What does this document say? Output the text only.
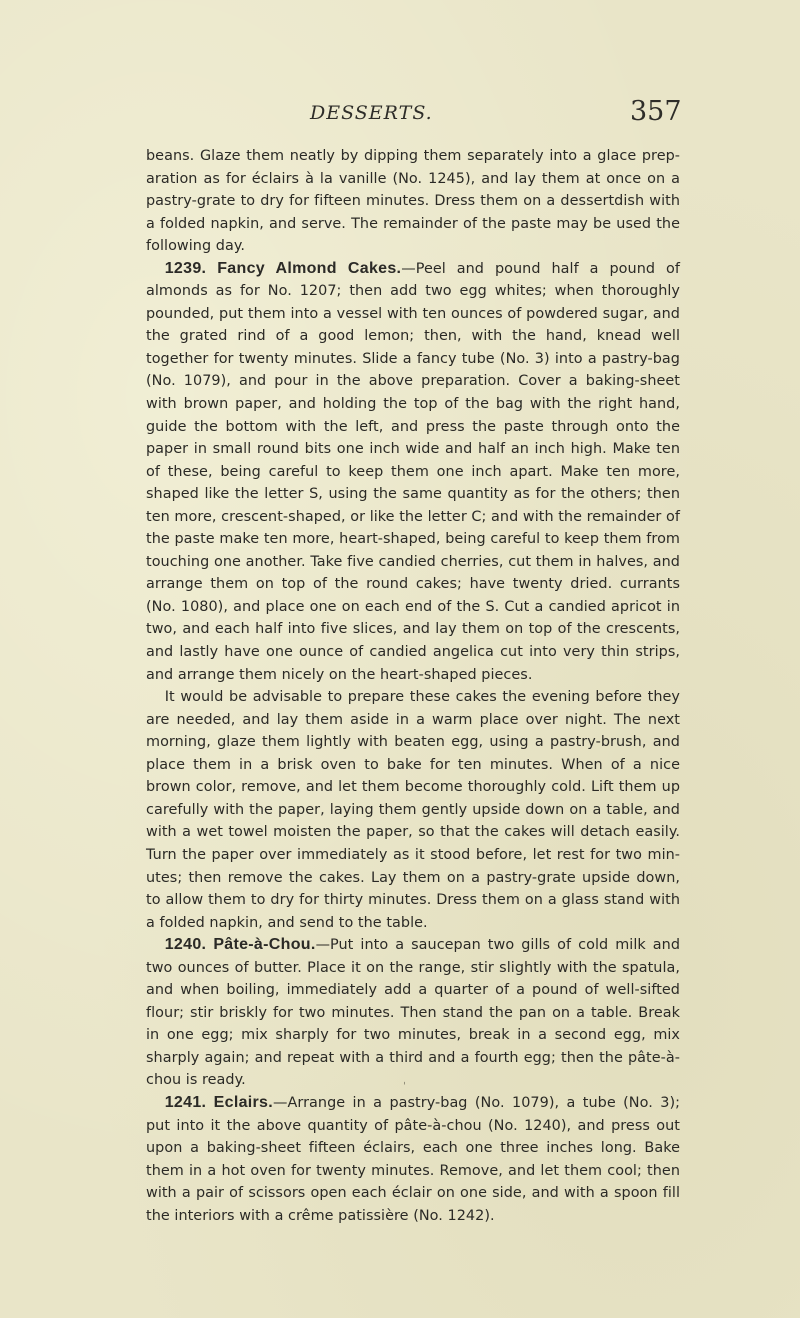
DESSERTS.	357

beans. Glaze them neatly by dipping them separately into a glace preparation as for éclairs à la vanille (No. 1245), and lay them at once on a pastry-grate to dry for fifteen minutes. Dress them on a dessertdish with a folded napkin, and serve. The remainder of the paste may be used the following day.

1239. Fancy Almond Cakes.—Peel and pound half a pound of almonds as for No. 1207; then add two egg whites; when thoroughly pounded, put them into a vessel with ten ounces of powdered sugar, and the grated rind of a good lemon; then, with the hand, knead well together for twenty minutes. Slide a fancy tube (No. 3) into a pastry-bag (No. 1079), and pour in the above preparation. Cover a baking-sheet with brown paper, and holding the top of the bag with the right hand, guide the bottom with the left, and press the paste through onto the paper in small round bits one inch wide and half an inch high. Make ten of these, being careful to keep them one inch apart. Make ten more, shaped like the letter S, using the same quantity as for the others; then ten more, crescent-shaped, or like the letter C; and with the remainder of the paste make ten more, heart-shaped, being careful to keep them from touching one another. Take five candied cherries, cut them in halves, and arrange them on top of the round cakes; have twenty dried. currants (No. 1080), and place one on each end of the S. Cut a candied apricot in two, and each half into five slices, and lay them on top of the crescents, and lastly have one ounce of candied angelica cut into very thin strips, and arrange them nicely on the heart-shaped pieces.

It would be advisable to prepare these cakes the evening before they are needed, and lay them aside in a warm place over night. The next morning, glaze them lightly with beaten egg, using a pastry-brush, and place them in a brisk oven to bake for ten minutes. When of a nice brown color, remove, and let them become thoroughly cold. Lift them up carefully with the paper, laying them gently upside down on a table, and with a wet towel moisten the paper, so that the cakes will detach easily. Turn the paper over immediately as it stood before, let rest for two minutes; then remove the cakes. Lay them on a pastry-grate upside down, to allow them to dry for thirty minutes. Dress them on a glass stand with a folded napkin, and send to the table.

1240. Pâte-à-Chou.—Put into a saucepan two gills of cold milk and two ounces of butter. Place it on the range, stir slightly with the spatula, and when boiling, immediately add a quarter of a pound of well-sifted flour; stir briskly for two minutes. Then stand the pan on a table. Break in one egg; mix sharply for two minutes, break in a second egg, mix sharply again; and repeat with a third and a fourth egg; then the pâte-à-chou is ready.

1241. Eclairs.—Arrange in a pastry-bag (No. 1079), a tube (No. 3); put into it the above quantity of pâte-à-chou (No. 1240), and press out upon a baking-sheet fifteen éclairs, each one three inches long. Bake them in a hot oven for twenty minutes. Remove, and let them cool; then with a pair of scissors open each éclair on one side, and with a spoon fill the interiors with a crême patissière (No. 1242).

ˌ
